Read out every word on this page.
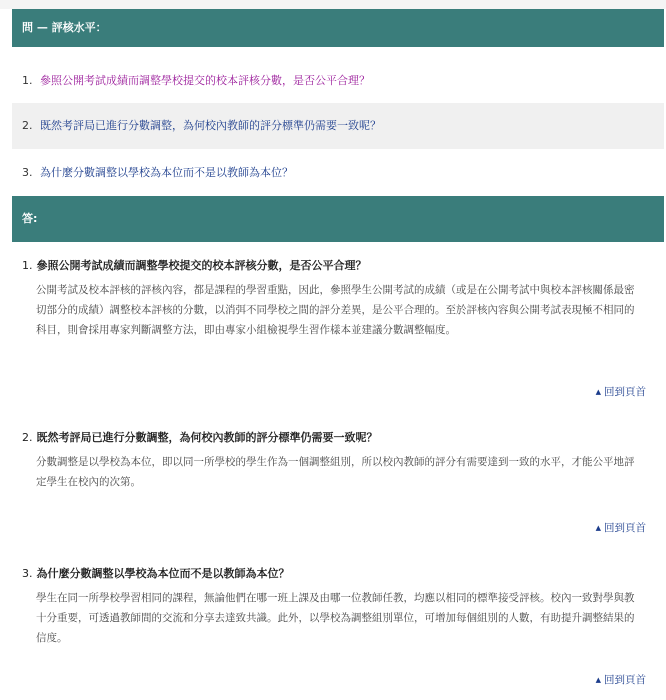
問 — 評核水平：
1. 參照公開考試成績而調整學校提交的校本評核分數，是否公平合理？
2. 既然考評局已進行分數調整，為何校內教師的評分標準仍需要一致呢？
3. 為什麼分數調整以學校為本位而不是以教師為本位？
答:
1. 參照公開考試成績而調整學校提交的校本評核分數，是否公平合理？

公開考試及校本評核的評核內容，都是課程的學習重點，因此，參照學生公開考試的成績（或是在公開考試中與校本評核關係最密切部分的成績）調整校本評核的分數，以消弭不同學校之間的評分差異，是公平合理的。至於評核內容與公開考試表現極不相同的科目，則會採用專家判斷調整方法，即由專家小組檢視學生習作樣本並建議分數調整幅度。

▲ 回到頁首
2. 既然考評局已進行分數調整，為何校內教師的評分標準仍需要一致呢？

分數調整是以學校為本位，即以同一所學校的學生作為一個調整組別，所以校內教師的評分有需要達到一致的水平，才能公平地評定學生在校內的次第。

▲ 回到頁首
3. 為什麼分數調整以學校為本位而不是以教師為本位？

學生在同一所學校學習相同的課程，無論他們在哪一班上課及由哪一位教師任教，均應以相同的標準接受評核。校內一致對學與教十分重要，可透過教師間的交流和分享去達致共識。此外，以學校為調整組別單位，可增加每個組別的人數，有助提升調整結果的信度。

▲ 回到頁首
